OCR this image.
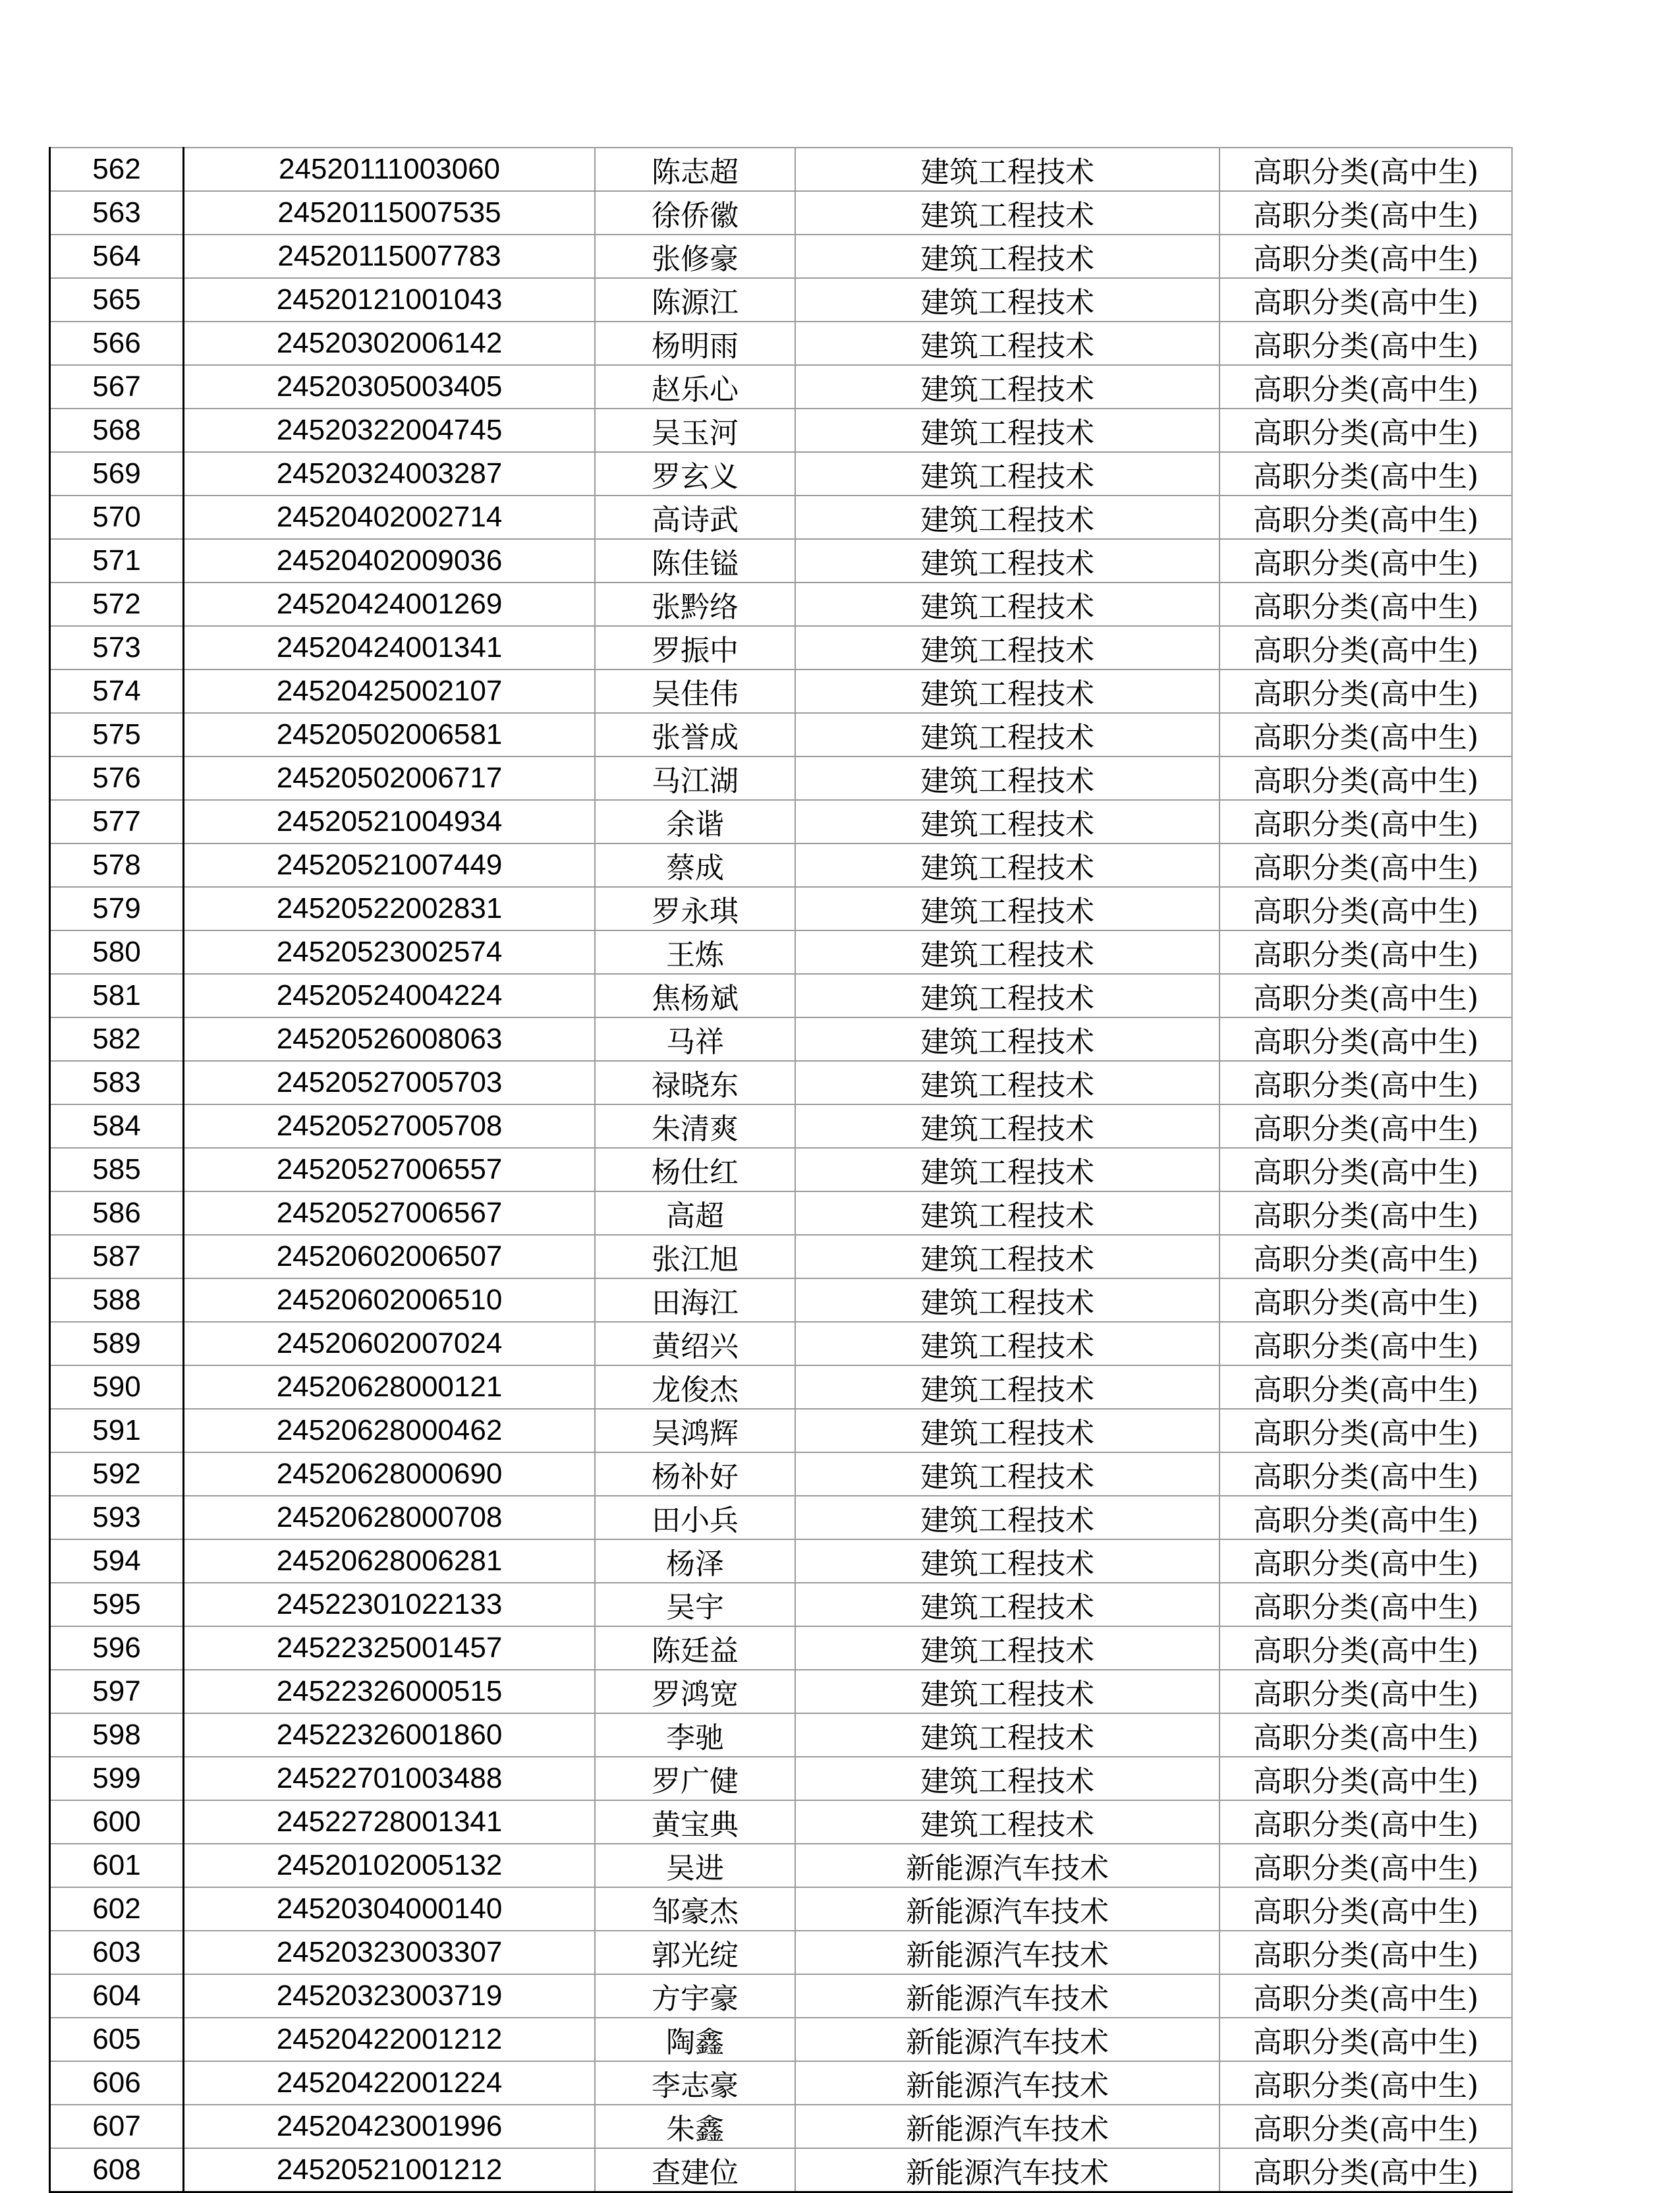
562	24520111003060	陈志超	建筑工程技术	高职分类(高中生)
563	24520115007535	徐侨徽	建筑工程技术	高职分类(高中生)
564	24520115007783	张修豪	建筑工程技术	高职分类(高中生)
565	24520121001043	陈源江	建筑工程技术	高职分类(高中生)
566	24520302006142	杨明雨	建筑工程技术	高职分类(高中生)
567	24520305003405	赵乐心	建筑工程技术	高职分类(高中生)
568	24520322004745	吴玉河	建筑工程技术	高职分类(高中生)
569	24520324003287	罗玄义	建筑工程技术	高职分类(高中生)
570	24520402002714	高诗武	建筑工程技术	高职分类(高中生)
571	24520402009036	陈佳镒	建筑工程技术	高职分类(高中生)
572	24520424001269	张黔络	建筑工程技术	高职分类(高中生)
573	24520424001341	罗振中	建筑工程技术	高职分类(高中生)
574	24520425002107	吴佳伟	建筑工程技术	高职分类(高中生)
575	24520502006581	张誉成	建筑工程技术	高职分类(高中生)
576	24520502006717	马江湖	建筑工程技术	高职分类(高中生)
577	24520521004934	余谐	建筑工程技术	高职分类(高中生)
578	24520521007449	蔡成	建筑工程技术	高职分类(高中生)
579	24520522002831	罗永琪	建筑工程技术	高职分类(高中生)
580	24520523002574	王炼	建筑工程技术	高职分类(高中生)
581	24520524004224	焦杨斌	建筑工程技术	高职分类(高中生)
582	24520526008063	马祥	建筑工程技术	高职分类(高中生)
583	24520527005703	禄晓东	建筑工程技术	高职分类(高中生)
584	24520527005708	朱清爽	建筑工程技术	高职分类(高中生)
585	24520527006557	杨仕红	建筑工程技术	高职分类(高中生)
586	24520527006567	高超	建筑工程技术	高职分类(高中生)
587	24520602006507	张江旭	建筑工程技术	高职分类(高中生)
588	24520602006510	田海江	建筑工程技术	高职分类(高中生)
589	24520602007024	黄绍兴	建筑工程技术	高职分类(高中生)
590	24520628000121	龙俊杰	建筑工程技术	高职分类(高中生)
591	24520628000462	吴鸿辉	建筑工程技术	高职分类(高中生)
592	24520628000690	杨补好	建筑工程技术	高职分类(高中生)
593	24520628000708	田小兵	建筑工程技术	高职分类(高中生)
594	24520628006281	杨泽	建筑工程技术	高职分类(高中生)
595	24522301022133	吴宇	建筑工程技术	高职分类(高中生)
596	24522325001457	陈廷益	建筑工程技术	高职分类(高中生)
597	24522326000515	罗鸿宽	建筑工程技术	高职分类(高中生)
598	24522326001860	李驰	建筑工程技术	高职分类(高中生)
599	24522701003488	罗广健	建筑工程技术	高职分类(高中生)
600	24522728001341	黄宝典	建筑工程技术	高职分类(高中生)
601	24520102005132	吴进	新能源汽车技术	高职分类(高中生)
602	24520304000140	邹豪杰	新能源汽车技术	高职分类(高中生)
603	24520323003307	郭光绽	新能源汽车技术	高职分类(高中生)
604	24520323003719	方宇豪	新能源汽车技术	高职分类(高中生)
605	24520422001212	陶鑫	新能源汽车技术	高职分类(高中生)
606	24520422001224	李志豪	新能源汽车技术	高职分类(高中生)
607	24520423001996	朱鑫	新能源汽车技术	高职分类(高中生)
608	24520521001212	查建位	新能源汽车技术	高职分类(高中生)
